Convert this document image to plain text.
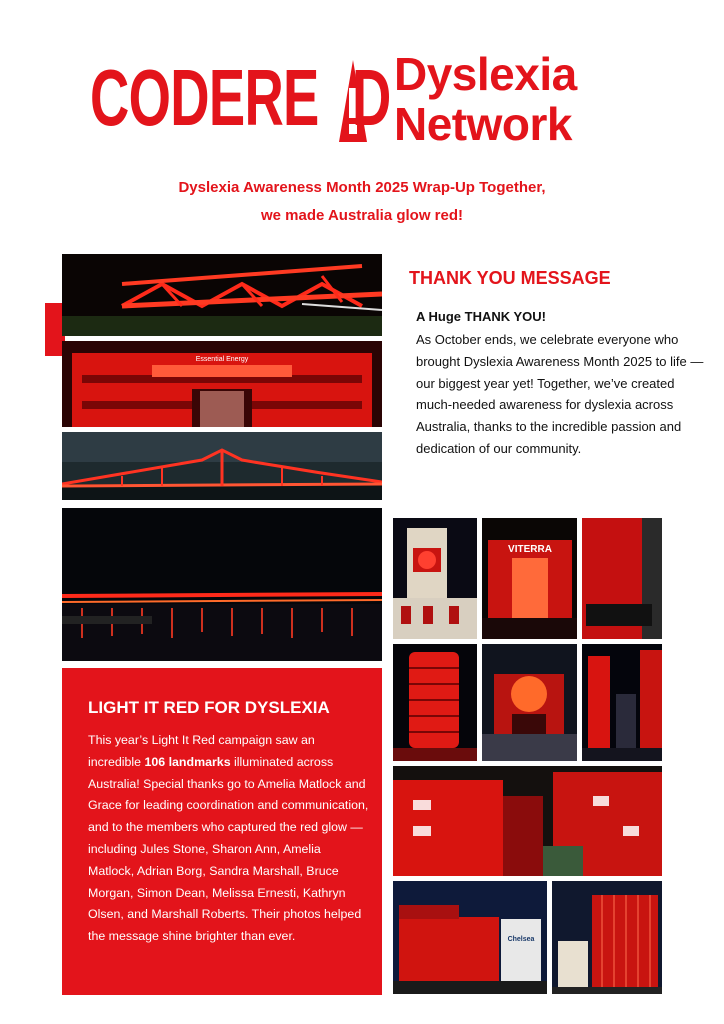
CODERE D Dyslexia
Network
Dyslexia Awareness Month 2025 Wrap-Up Together,
we made Australia glow red!
Essential Energy
THANK YOU MESSAGE
A Huge THANK YOU!
As October ends, we celebrate everyone who brought Dyslexia Awareness Month 2025 to life — our biggest year yet! Together, we’ve created much-needed awareness for dyslexia across Australia, thanks to the incredible passion and dedication of our community.
VITERRA
Chelsea
LIGHT IT RED FOR DYSLEXIA
This year’s Light It Red campaign saw an incredible 106 landmarks illuminated across Australia! Special thanks go to Amelia Matlock and Grace for leading coordination and communication, and to the members who captured the red glow — including Jules Stone, Sharon Ann, Amelia Matlock, Adrian Borg, Sandra Marshall, Bruce Morgan, Simon Dean, Melissa Ernesti, Kathryn Olsen, and Marshall Roberts. Their photos helped the message shine brighter than ever.
